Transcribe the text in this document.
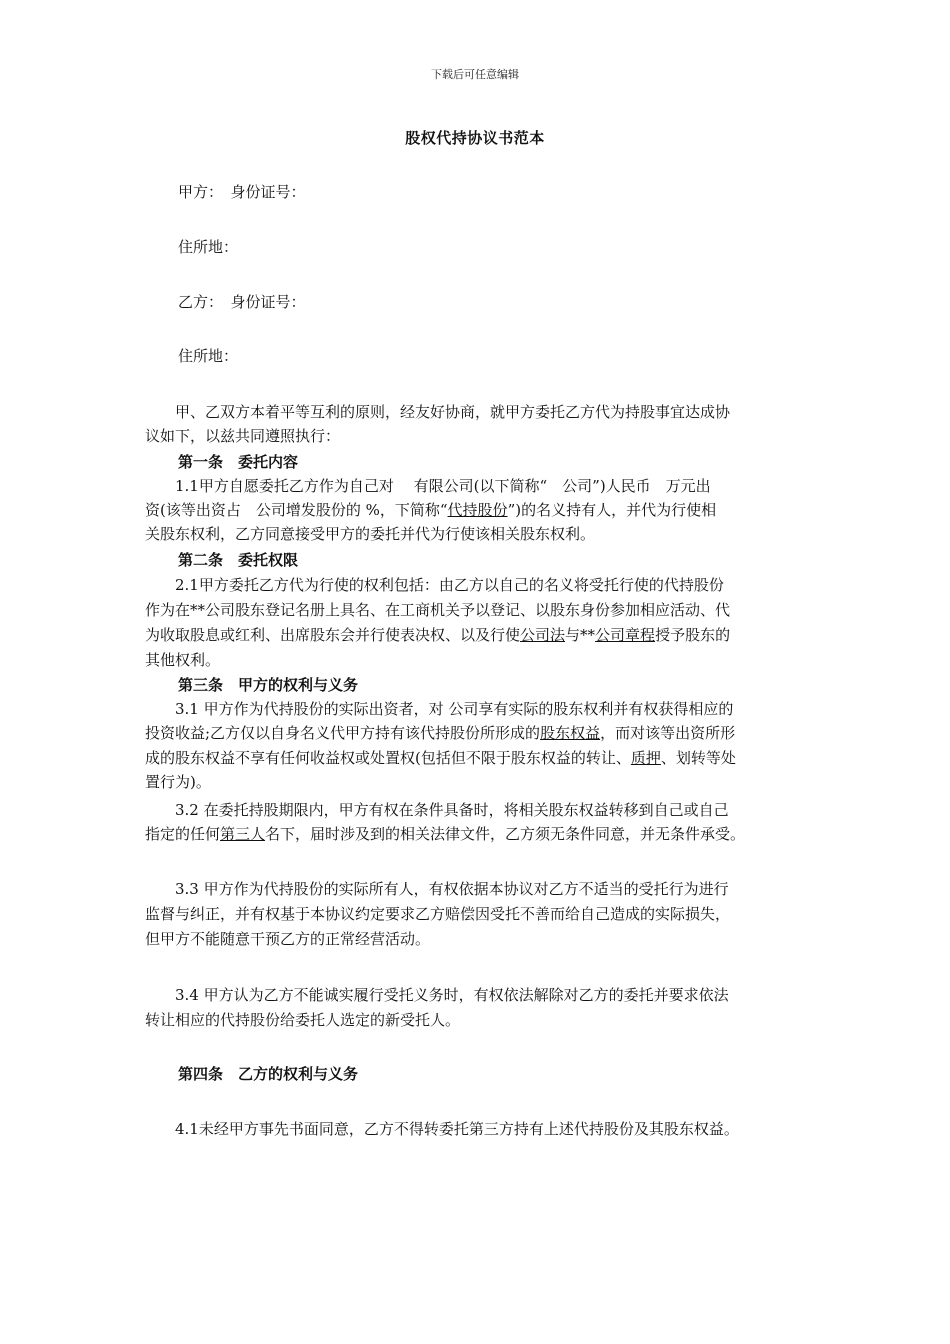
下载后可任意编辑
股权代持协议书范本
甲方：　身份证号：
住所地：
乙方：　身份证号：
住所地：
　　甲、乙双方本着平等互利的原则，经友好协商，就甲方委托乙方代为持股事宜达成协
议如下，以兹共同遵照执行：
第一条　委托内容
　　1.1甲方自愿委托乙方作为自己对　 有限公司(以下简称“　公司”)人民币　万元出
资(该等出资占　公司增发股份的 %，下简称“代持股份”)的名义持有人，并代为行使相
关股东权利，乙方同意接受甲方的委托并代为行使该相关股东权利。
第二条　委托权限
　　2.1甲方委托乙方代为行使的权利包括：由乙方以自己的名义将受托行使的代持股份
作为在**公司股东登记名册上具名、在工商机关予以登记、以股东身份参加相应活动、代
为收取股息或红利、出席股东会并行使表决权、以及行使公司法与**公司章程授予股东的
其他权利。
第三条　甲方的权利与义务
　　3.1 甲方作为代持股份的实际出资者，对 公司享有实际的股东权利并有权获得相应的
投资收益;乙方仅以自身名义代甲方持有该代持股份所形成的股东权益，而对该等出资所形
成的股东权益不享有任何收益权或处置权(包括但不限于股东权益的转让、质押、划转等处
置行为)。
　　3.2 在委托持股期限内，甲方有权在条件具备时，将相关股东权益转移到自己或自己
指定的任何第三人名下，届时涉及到的相关法律文件，乙方须无条件同意，并无条件承受。
　　3.3 甲方作为代持股份的实际所有人，有权依据本协议对乙方不适当的受托行为进行
监督与纠正，并有权基于本协议约定要求乙方赔偿因受托不善而给自己造成的实际损失，
但甲方不能随意干预乙方的正常经营活动。
　　3.4 甲方认为乙方不能诚实履行受托义务时，有权依法解除对乙方的委托并要求依法
转让相应的代持股份给委托人选定的新受托人。
第四条　乙方的权利与义务
　　4.1未经甲方事先书面同意，乙方不得转委托第三方持有上述代持股份及其股东权益。
